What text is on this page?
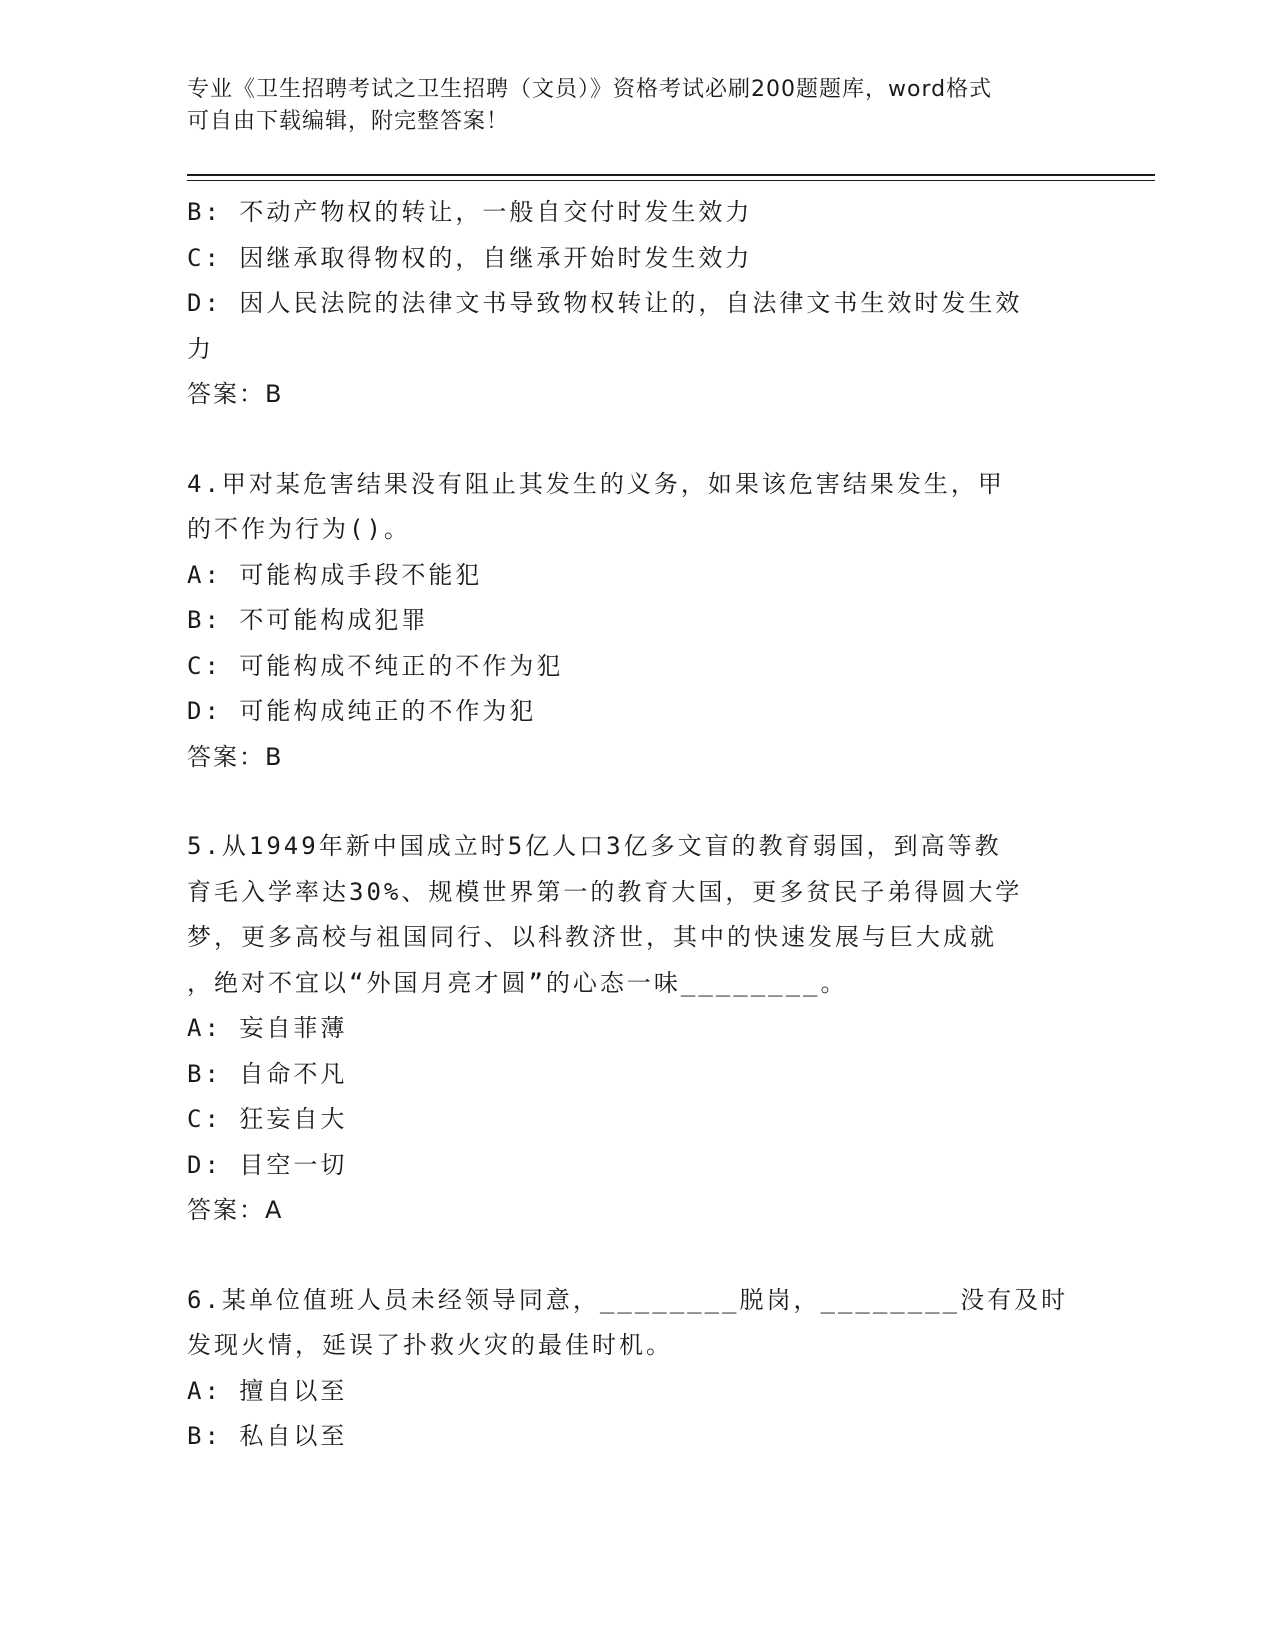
专业《卫生招聘考试之卫生招聘（文员）》资格考试必刷200题题库，word格式
可自由下载编辑，附完整答案！
B: 不动产物权的转让，一般自交付时发生效力
C: 因继承取得物权的，自继承开始时发生效力
D: 因人民法院的法律文书导致物权转让的，自法律文书生效时发生效
力
答案：B
4.甲对某危害结果没有阻止其发生的义务，如果该危害结果发生，甲
的不作为行为()。
A: 可能构成手段不能犯
B: 不可能构成犯罪
C: 可能构成不纯正的不作为犯
D: 可能构成纯正的不作为犯
答案：B
5.从1949年新中国成立时5亿人口3亿多文盲的教育弱国，到高等教
育毛入学率达30%、规模世界第一的教育大国，更多贫民子弟得圆大学
梦，更多高校与祖国同行、以科教济世，其中的快速发展与巨大成就
，绝对不宜以“外国月亮才圆”的心态一味________。
A: 妄自菲薄
B: 自命不凡
C: 狂妄自大
D: 目空一切
答案：A
6.某单位值班人员未经领导同意，________脱岗，________没有及时
发现火情，延误了扑救火灾的最佳时机。
A: 擅自以至
B: 私自以至
